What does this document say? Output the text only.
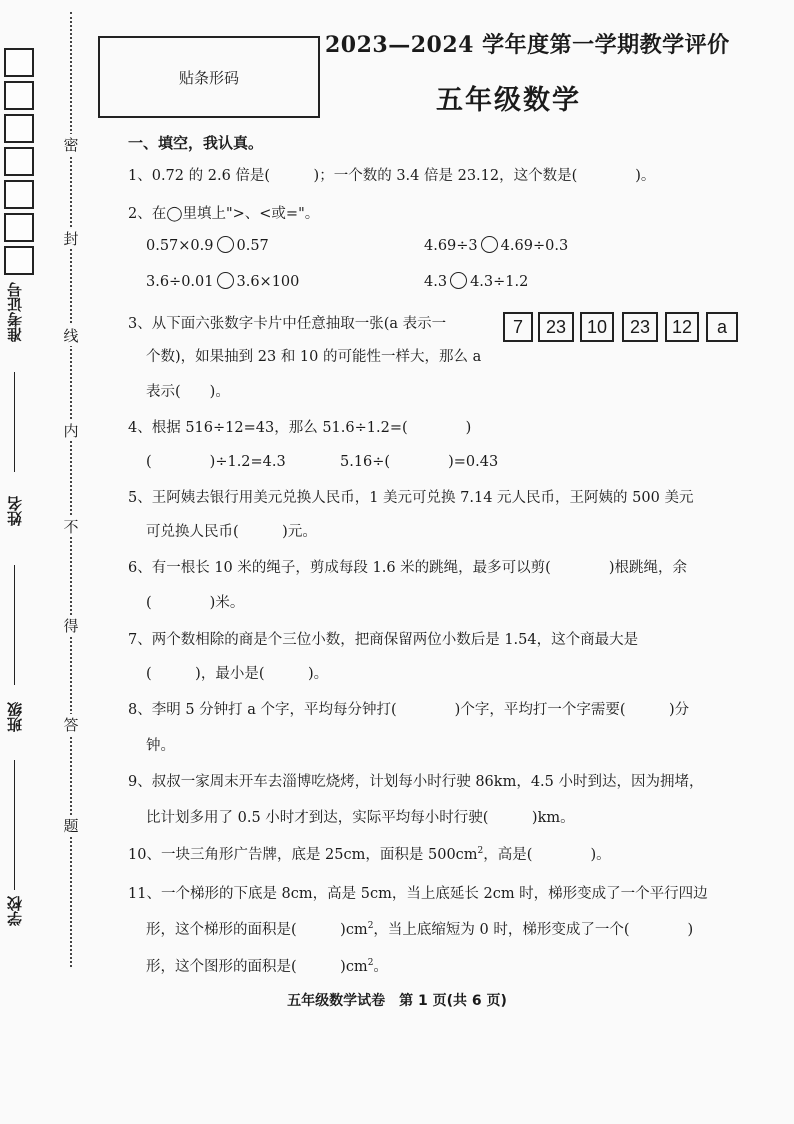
准考证号
姓名
班级
学校
密
封
线
内
不
得
答
题
贴条形码
2023—2024 学年度第一学期教学评价
五年级数学
一、填空，我认真。
1、0.72 的 2.6 倍是(　　　)；一个数的 3.4 倍是 23.12，这个数是(　　　　)。
2、在◯里填上">、<或="。
0.57×0.9 0.57	4.69÷3 4.69÷0.3
3.6÷0.01 3.6×100	4.3 4.3÷1.2
3、从下面六张数字卡片中任意抽取一张(a 表示一
个数)，如果抽到 23 和 10 的可能性一样大，那么 a
表示(　　)。
7	23	10	23	12	a
4、根据 516÷12=43，那么 51.6÷1.2=(　　　　)
(　　　　)÷1.2=4.3	5.16÷(　　　　)=0.43
5、王阿姨去银行用美元兑换人民币，1 美元可兑换 7.14 元人民币，王阿姨的 500 美元
可兑换人民币(　　　)元。
6、有一根长 10 米的绳子，剪成每段 1.6 米的跳绳，最多可以剪(　　　　)根跳绳，余
(　　　　)米。
7、两个数相除的商是个三位小数，把商保留两位小数后是 1.54，这个商最大是
(　　　)，最小是(　　　)。
8、李明 5 分钟打 a 个字，平均每分钟打(　　　　)个字，平均打一个字需要(　　　)分
钟。
9、叔叔一家周末开车去淄博吃烧烤，计划每小时行驶 86km，4.5 小时到达，因为拥堵，
比计划多用了 0.5 小时才到达，实际平均每小时行驶(　　　)km。
10、一块三角形广告牌，底是 25cm，面积是 $500cm^2$，高是(　　　　)。
11、一个梯形的下底是 8cm，高是 5cm，当上底延长 2cm 时，梯形变成了一个平行四边
形，这个梯形的面积是(　　　)$cm^2$，当上底缩短为 0 时，梯形变成了一个(　　　　)
形，这个图形的面积是(　　　)$cm^2$。
五年级数学试卷　第 1 页(共 6 页)
